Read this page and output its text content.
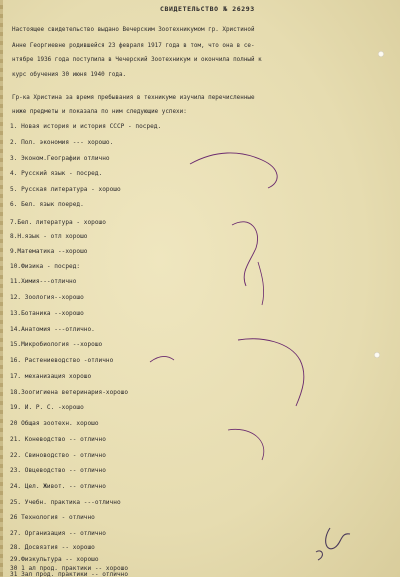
СВИДЕТЕЛЬСТВО № 26293
Настоящее свидетельство выдано Вечерским Зоотехникумом гр. Христиной
Анне Георгиевне родившейся 23 февраля 1917 года в том, что она в се-
нтябре 1936 года поступила в Чечерский Зоотехникум и окончила полный к
курс обучения 30 июня 1940 года.
Гр-ка Христина за время пребывания в техникуме изучила перечисленные
ниже предметы и показала по ним следующие успехи:
1. Новая история и история СССР - посред.
2. Пол. экономия --- хорошо.
3. Эконом.Географии отлично
4. Русский язык - посред.
5. Русская литература - хорошо
6. Бел. язык поеред.
7.Бел. литература - хорошо
8.Н.язык - отл хорошо
9.Математика --хорошо
10.Физика - посред:
11.Химия---отлично
12. Зоология--хорошо
13.Ботаника --хорошо
14.Анатомия ---отлично.
15.Микробиология --хорошо
16. Растениеводство -отлично
17. механизация хорошо
18.Зоогигиена ветеринария-хорошо
19. И. Р. С. -хорошо
20 Общая зоотехн. хорошо
21. Коневодство -- отлично
22. Свиноводство - отлично
23. Овцеводство -- отлично
24. Цел. Живот. -- отлично
25. Учебн. практика ---отлично
26 Технология - отлично
27. Организация -- отлично
28. Досвязтия -- хорошо
29.Физкультура -- хорошо
30 1 ал прод. практики -- хорошо
31 Зал прод. практики -- отлично
